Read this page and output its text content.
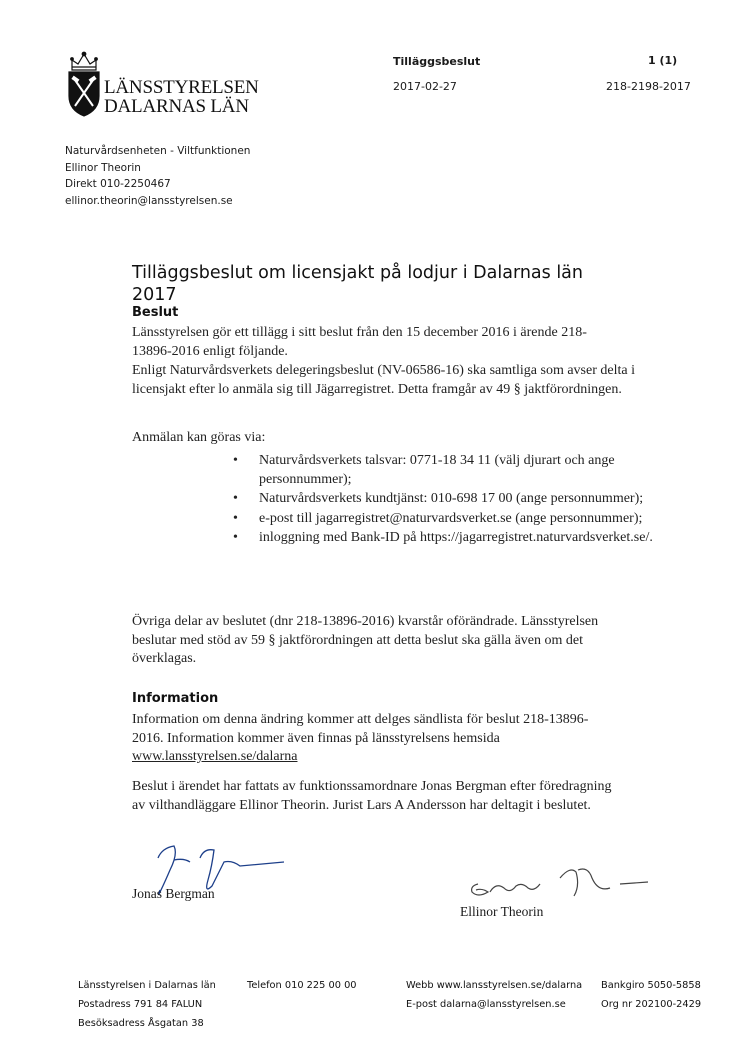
LÄNSSTYRELSEN
DALARNAS LÄN
Tilläggsbeslut	1 (1)
2017-02-27	218-2198-2017
Naturvårdsenheten - Viltfunktionen
Ellinor Theorin
Direkt 010-2250467
ellinor.theorin@lansstyrelsen.se
Tilläggsbeslut om licensjakt på lodjur i Dalarnas län 2017
Beslut

Länsstyrelsen gör ett tillägg i sitt beslut från den 15 december 2016 i ärende 218-13896-2016 enligt följande.

Enligt Naturvårdsverkets delegeringsbeslut (NV-06586-16) ska samtliga som avser delta i licensjakt efter lo anmäla sig till Jägarregistret. Detta framgår av 49 § jaktförordningen.

Anmälan kan göras via:

• Naturvårdsverkets talsvar: 0771-18 34 11 (välj djurart och ange personnummer);
• Naturvårdsverkets kundtjänst: 010-698 17 00 (ange personnummer);
• e-post till jagarregistret@naturvardsverket.se (ange personnummer);
• inloggning med Bank-ID på https://jagarregistret.naturvardsverket.se/.

Övriga delar av beslutet (dnr 218-13896-2016) kvarstår oförändrade. Länsstyrelsen beslutar med stöd av 59 § jaktförordningen att detta beslut ska gälla även om det överklagas.

Information

Information om denna ändring kommer att delges sändlista för beslut 218-13896-2016. Information kommer även finnas på länsstyrelsens hemsida www.lansstyrelsen.se/dalarna

Beslut i ärendet har fattats av funktionssamordnare Jonas Bergman efter föredragning av vilthandläggare Ellinor Theorin. Jurist Lars A Andersson har deltagit i beslutet.

Jonas Bergman
Ellinor Theorin
Länsstyrelsen i Dalarnas län
Postadress 791 84 FALUN
Besöksadress Åsgatan 38
Telefon 010 225 00 00	Webb www.lansstyrelsen.se/dalarna
E-post dalarna@lansstyrelsen.se
Bankgiro 5050-5858
Org nr 202100-2429
